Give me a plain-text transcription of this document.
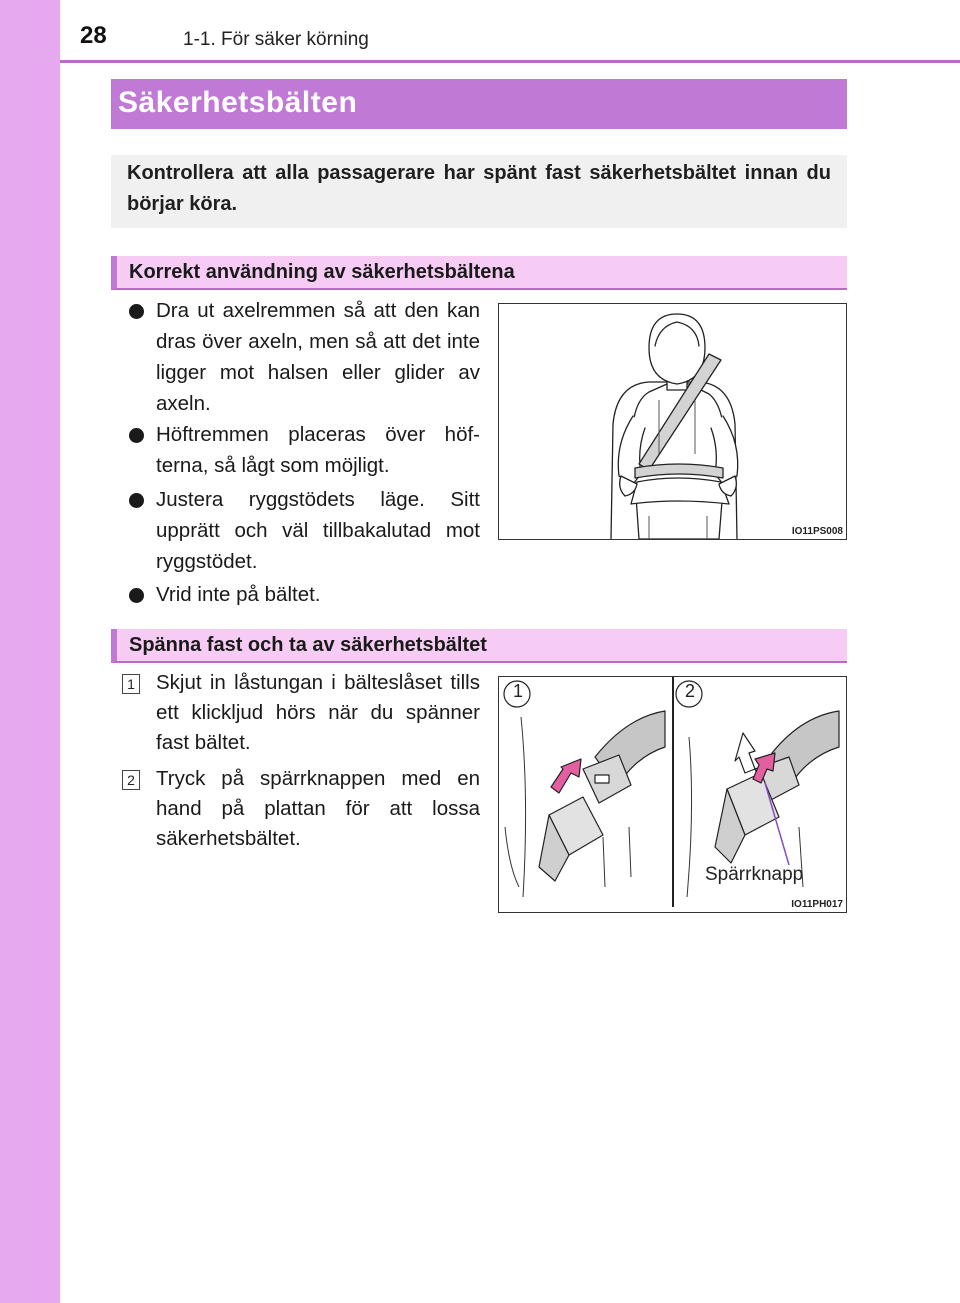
28	1-1. För säker körning
Säkerhetsbälten
Kontrollera att alla passagerare har spänt fast säkerhetsbältet innan du börjar köra.
Korrekt användning av säkerhetsbältena
Dra ut axelremmen så att den kan dras över axeln, men så att det inte ligger mot halsen eller glider av axeln.
Höftremmen placeras över höf-terna, så lågt som möjligt.
Justera ryggstödets läge. Sitt upprätt och väl tillbakalutad mot ryggstödet.
Vrid inte på bältet.
IO11PS008
Spänna fast och ta av säkerhetsbältet
1 Skjut in låstungan i bälteslåset tills ett klickljud hörs när du spänner fast bältet.
2 Tryck på spärrknappen med en hand på plattan för att lossa säkerhetsbältet.
1	2
Spärrknapp
IO11PH017
